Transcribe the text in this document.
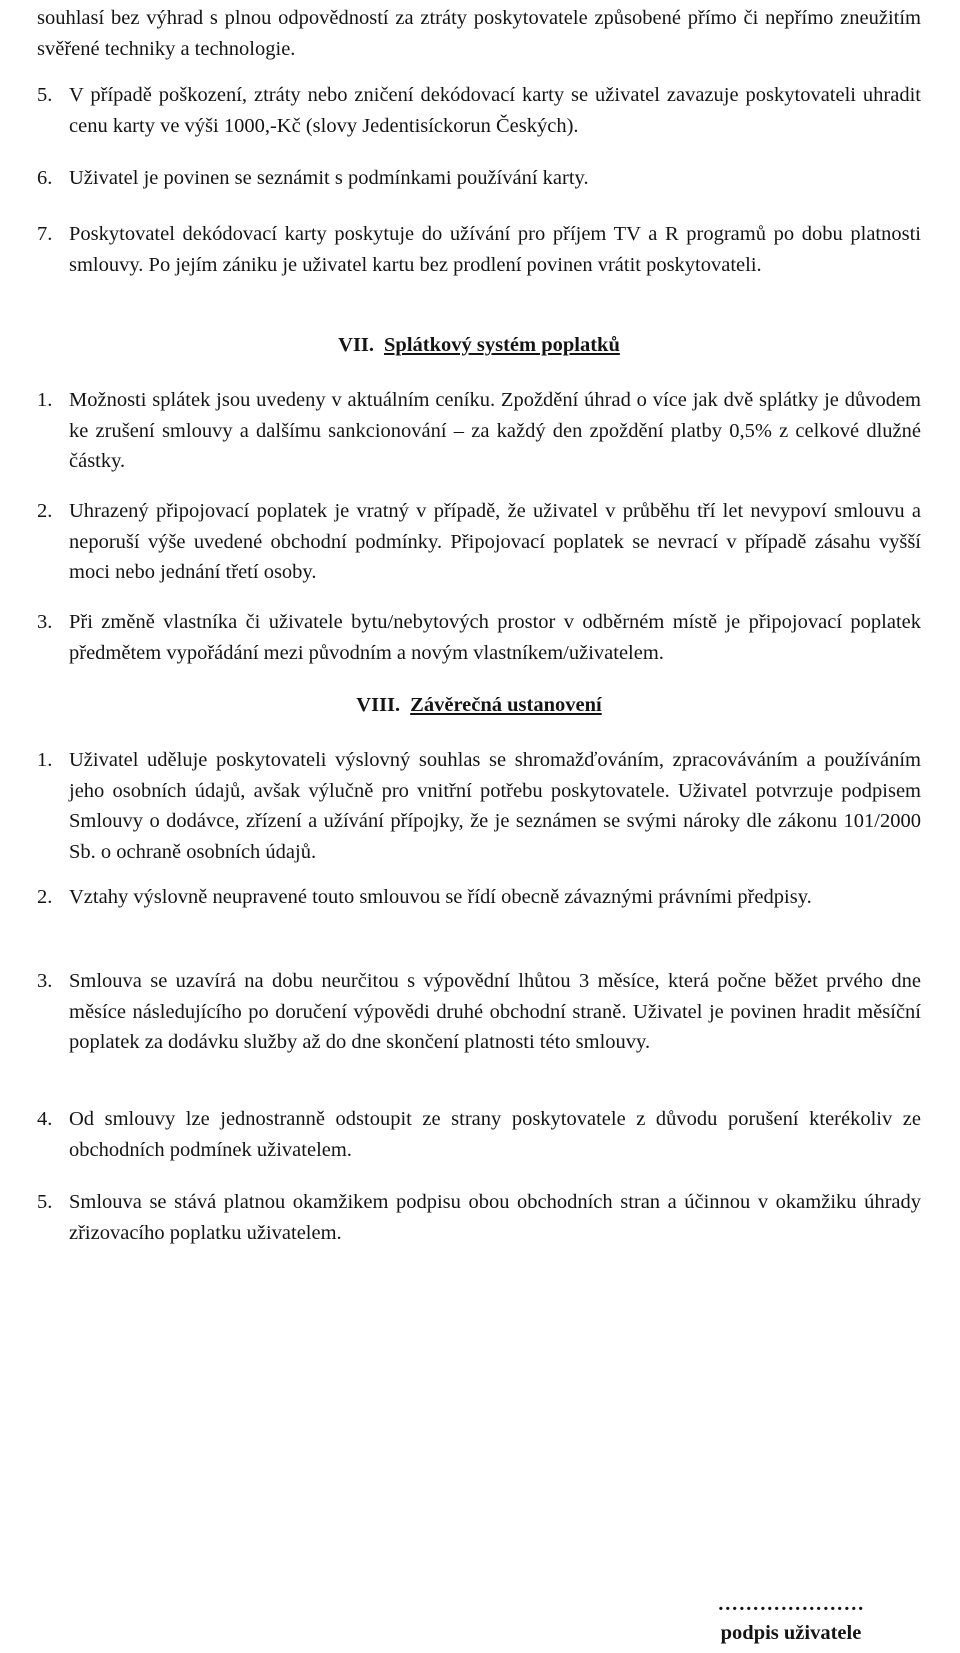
souhlasí bez výhrad s plnou odpovědností za ztráty poskytovatele způsobené přímo či nepřímo zneužitím svěřené techniky a technologie.

5. V případě poškození, ztráty nebo zničení dekódovací karty se uživatel zavazuje poskytovateli uhradit cenu karty ve výši 1000,-Kč (slovy Jedentisíckorun Českých).
6. Uživatel je povinen se seznámit s podmínkami používání karty.
7. Poskytovatel dekódovací karty poskytuje do užívání pro příjem TV a R programů po dobu platnosti smlouvy. Po jejím zániku je uživatel kartu bez prodlení povinen vrátit poskytovateli.
VII. Splátkový systém poplatků
1. Možnosti splátek jsou uvedeny v aktuálním ceníku. Zpoždění úhrad o více jak dvě splátky je důvodem ke zrušení smlouvy a dalšímu sankcionování – za každý den zpoždění platby 0,5% z celkové dlužné částky.
2. Uhrazený připojovací poplatek je vratný v případě, že uživatel v průběhu tří let nevypoví smlouvu a neporuší výše uvedené obchodní podmínky. Připojovací poplatek se nevrací v případě zásahu vyšší moci nebo jednání třetí osoby.
3. Při změně vlastníka či uživatele bytu/nebytových prostor v odběrném místě je připojovací poplatek předmětem vypořádání mezi původním a novým vlastníkem/uživatelem.
VIII. Závěrečná ustanovení
1. Uživatel uděluje poskytovateli výslovný souhlas se shromažďováním, zpracováváním a používáním jeho osobních údajů, avšak výlučně pro vnitřní potřebu poskytovatele. Uživatel potvrzuje podpisem Smlouvy o dodávce, zřízení a užívání přípojky, že je seznámen se svými nároky dle zákonu 101/2000 Sb. o ochraně osobních údajů.
2. Vztahy výslovně neupravené touto smlouvou se řídí obecně závaznými právními předpisy.
3. Smlouva se uzavírá na dobu neurčitou s výpovědní lhůtou 3 měsíce, která počne běžet prvého dne měsíce následujícího po doručení výpovědi druhé obchodní straně. Uživatel je povinen hradit měsíční poplatek za dodávku služby až do dne skončení platnosti této smlouvy.
4. Od smlouvy lze jednostranně odstoupit ze strany poskytovatele z důvodu porušení kterékoliv ze obchodních podmínek uživatelem.
5. Smlouva se stává platnou okamžikem podpisu obou obchodních stran a účinnou v okamžiku úhrady zřizovacího poplatku uživatelem.
…………………
podpis uživatele
